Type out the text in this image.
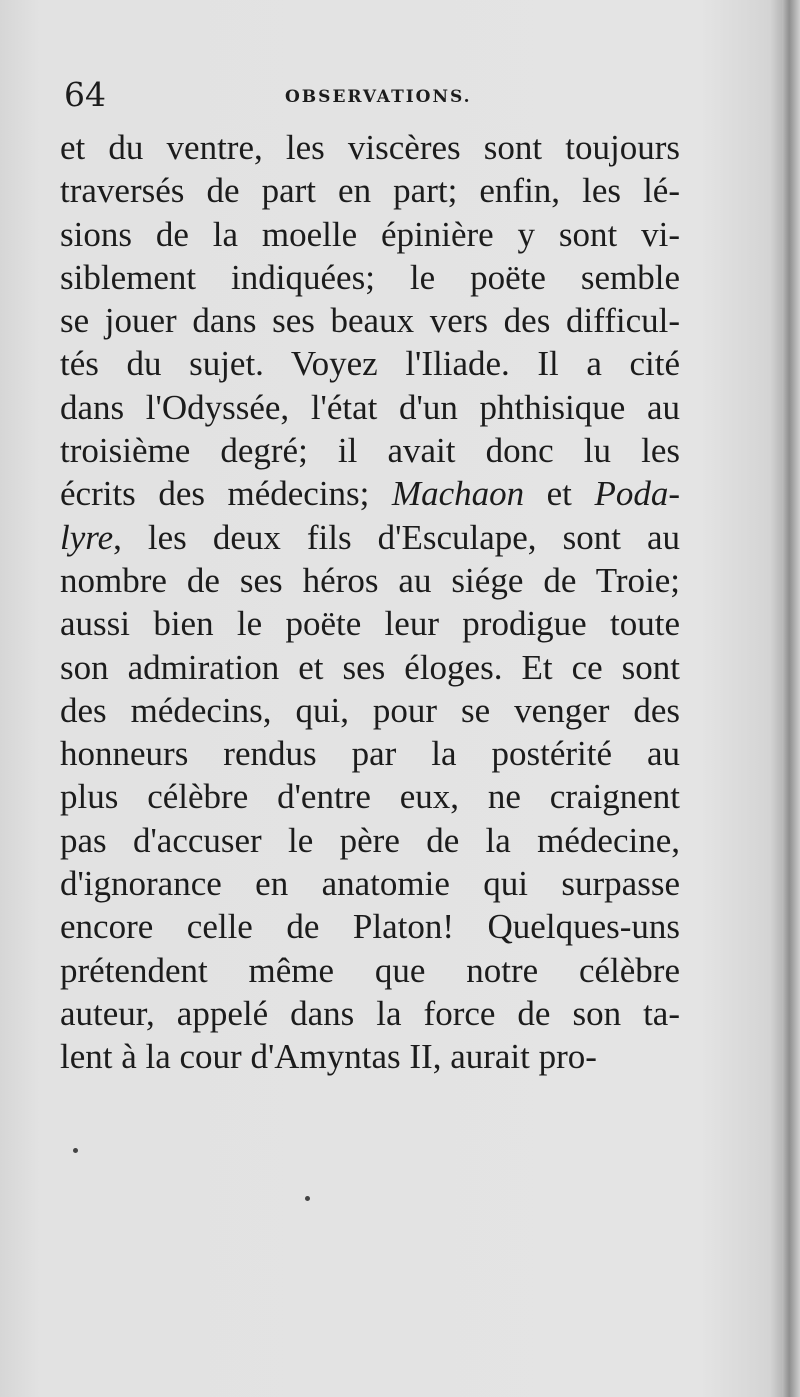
64	OBSERVATIONS.
et du ventre, les viscères sont toujours
traversés de part en part; enfin, les lé-
sions de la moelle épinière y sont vi-
siblement indiquées; le poëte semble
se jouer dans ses beaux vers des difficul-
tés du sujet. Voyez l'Iliade. Il a cité
dans l'Odyssée, l'état d'un phthisique au
troisième degré; il avait donc lu les
écrits des médecins; Machaon et Poda-
lyre, les deux fils d'Esculape, sont au
nombre de ses héros au siége de Troie;
aussi bien le poëte leur prodigue toute
son admiration et ses éloges. Et ce sont
des médecins, qui, pour se venger des
honneurs rendus par la postérité au
plus célèbre d'entre eux, ne craignent
pas d'accuser le père de la médecine,
d'ignorance en anatomie qui surpasse
encore celle de Platon! Quelques-uns
prétendent même que notre célèbre
auteur, appelé dans la force de son ta-
lent à la cour d'Amyntas II, aurait pro-
